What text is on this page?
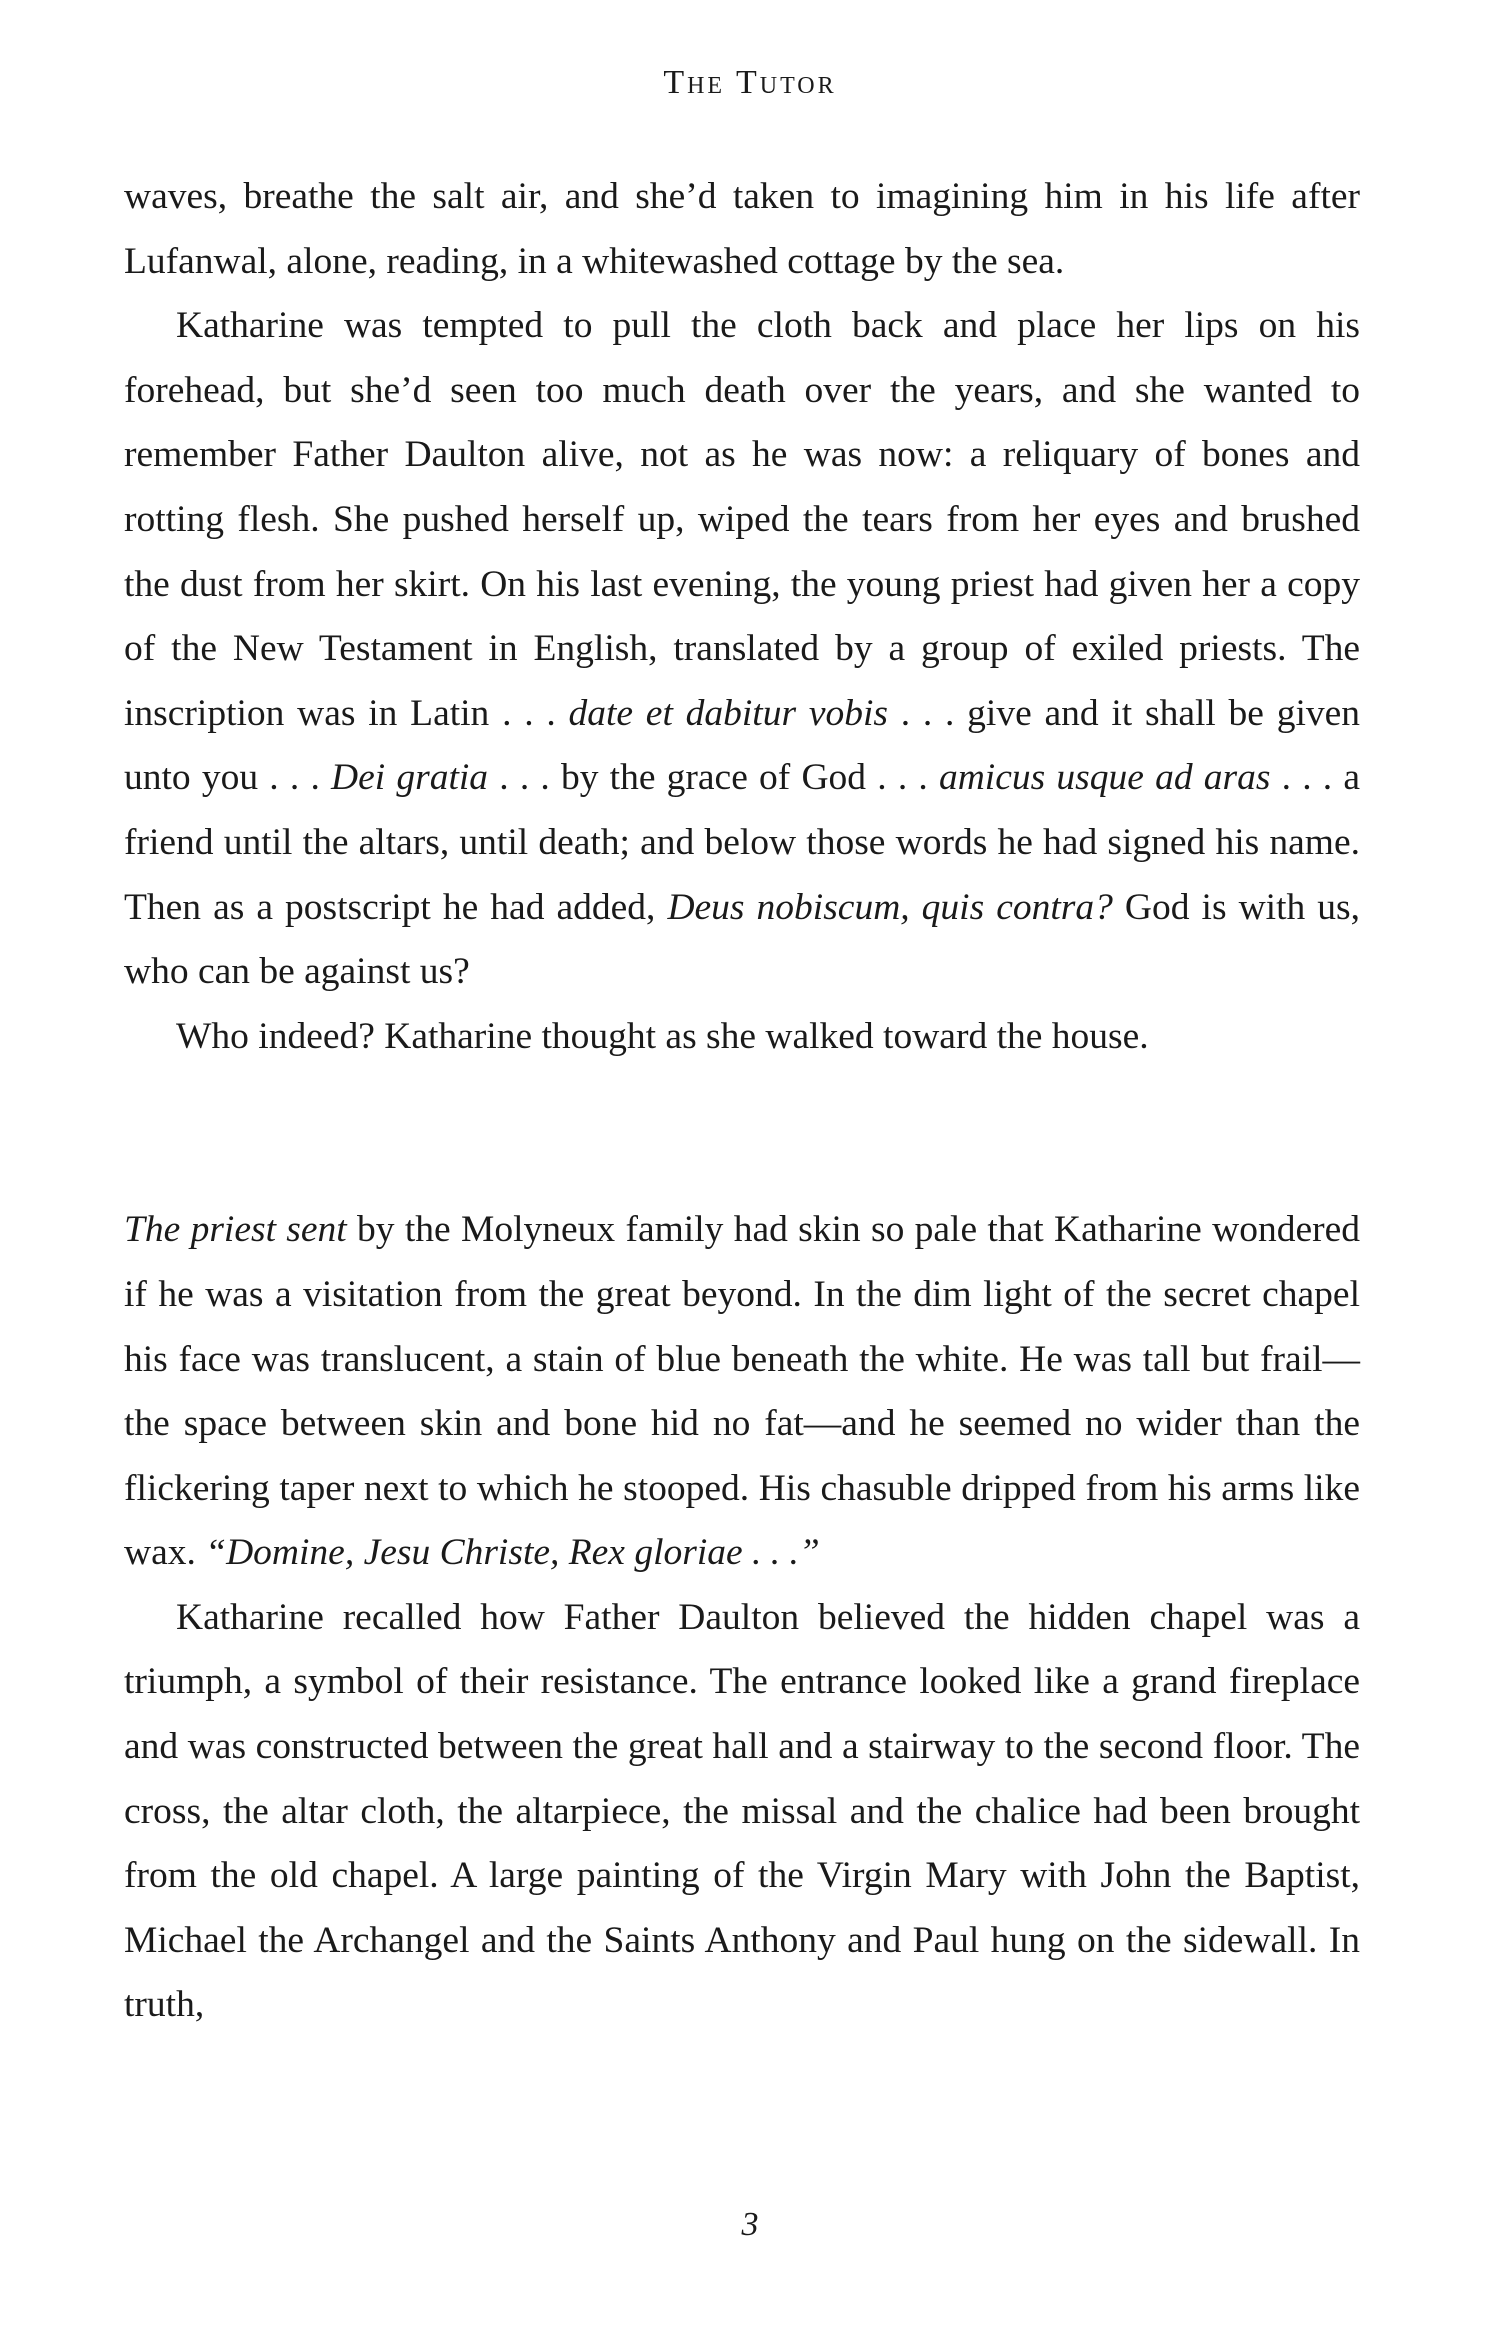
The Tutor

waves, breathe the salt air, and she’d taken to imagining him in his life after Lufanwal, alone, reading, in a whitewashed cottage by the sea.

Katharine was tempted to pull the cloth back and place her lips on his forehead, but she’d seen too much death over the years, and she wanted to remember Father Daulton alive, not as he was now: a reliquary of bones and rotting flesh. She pushed herself up, wiped the tears from her eyes and brushed the dust from her skirt. On his last evening, the young priest had given her a copy of the New Testament in English, translated by a group of exiled priests. The inscription was in Latin . . . date et dabitur vobis . . . give and it shall be given unto you . . . Dei gratia . . . by the grace of God . . . amicus usque ad aras . . . a friend until the altars, until death; and below those words he had signed his name. Then as a postscript he had added, Deus nobiscum, quis contra? God is with us, who can be against us?

Who indeed? Katharine thought as she walked toward the house.

The priest sent by the Molyneux family had skin so pale that Katharine wondered if he was a visitation from the great beyond. In the dim light of the secret chapel his face was translucent, a stain of blue beneath the white. He was tall but frail—the space between skin and bone hid no fat—and he seemed no wider than the flickering taper next to which he stooped. His chasuble dripped from his arms like wax. “Domine, Jesu Christe, Rex gloriae . . .”

Katharine recalled how Father Daulton believed the hidden chapel was a triumph, a symbol of their resistance. The entrance looked like a grand fireplace and was constructed between the great hall and a stairway to the second floor. The cross, the altar cloth, the altarpiece, the missal and the chalice had been brought from the old chapel. A large painting of the Virgin Mary with John the Baptist, Michael the Archangel and the Saints Anthony and Paul hung on the sidewall. In truth,

3
